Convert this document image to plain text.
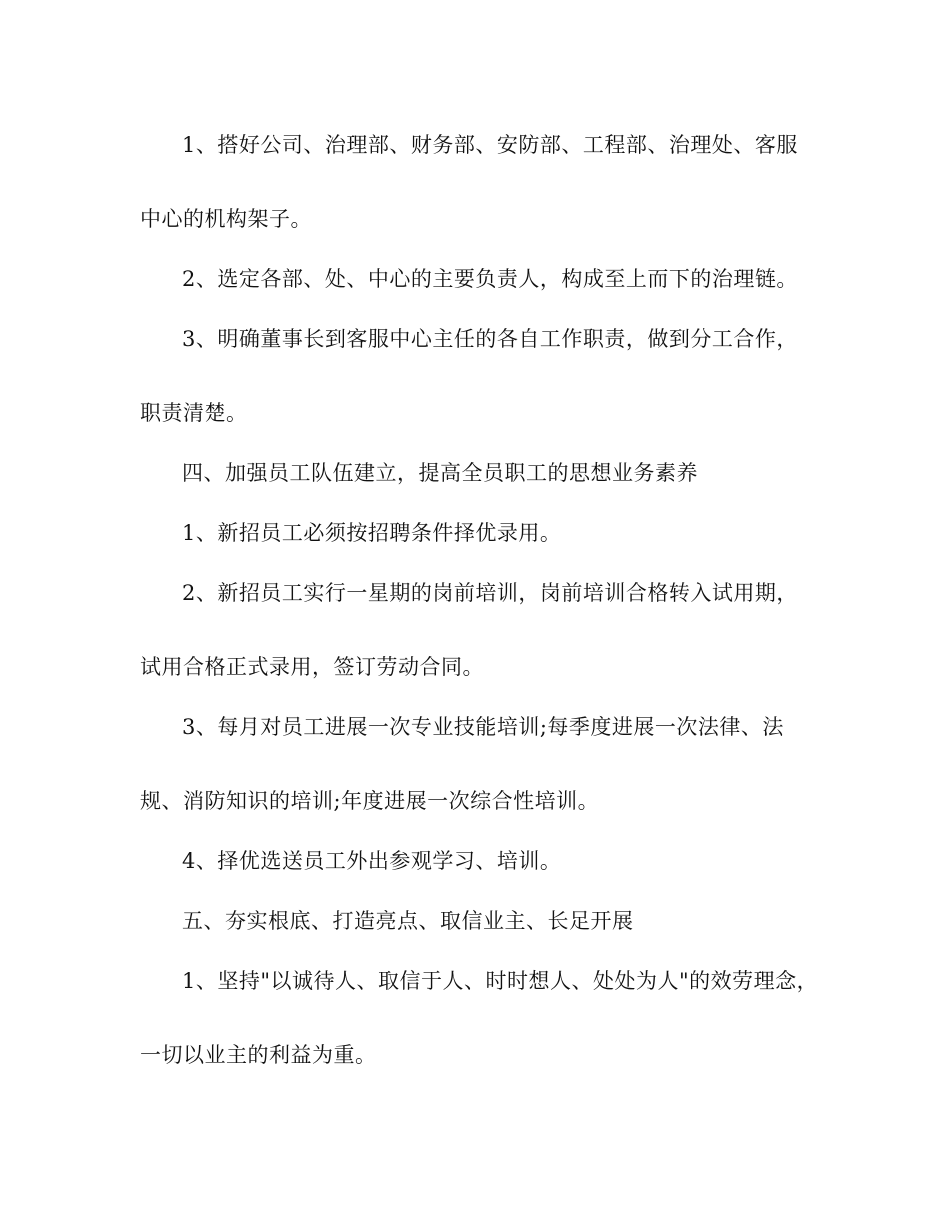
1、搭好公司、治理部、财务部、安防部、工程部、治理处、客服
中心的机构架子。
2、选定各部、处、中心的主要负责人，构成至上而下的治理链。
3、明确董事长到客服中心主任的各自工作职责，做到分工合作，
职责清楚。
四、加强员工队伍建立，提高全员职工的思想业务素养
1、新招员工必须按招聘条件择优录用。
2、新招员工实行一星期的岗前培训，岗前培训合格转入试用期，
试用合格正式录用，签订劳动合同。
3、每月对员工进展一次专业技能培训;每季度进展一次法律、法
规、消防知识的培训;年度进展一次综合性培训。
4、择优选送员工外出参观学习、培训。
五、夯实根底、打造亮点、取信业主、长足开展
1、坚持"以诚待人、取信于人、时时想人、处处为人"的效劳理念，
一切以业主的利益为重。
